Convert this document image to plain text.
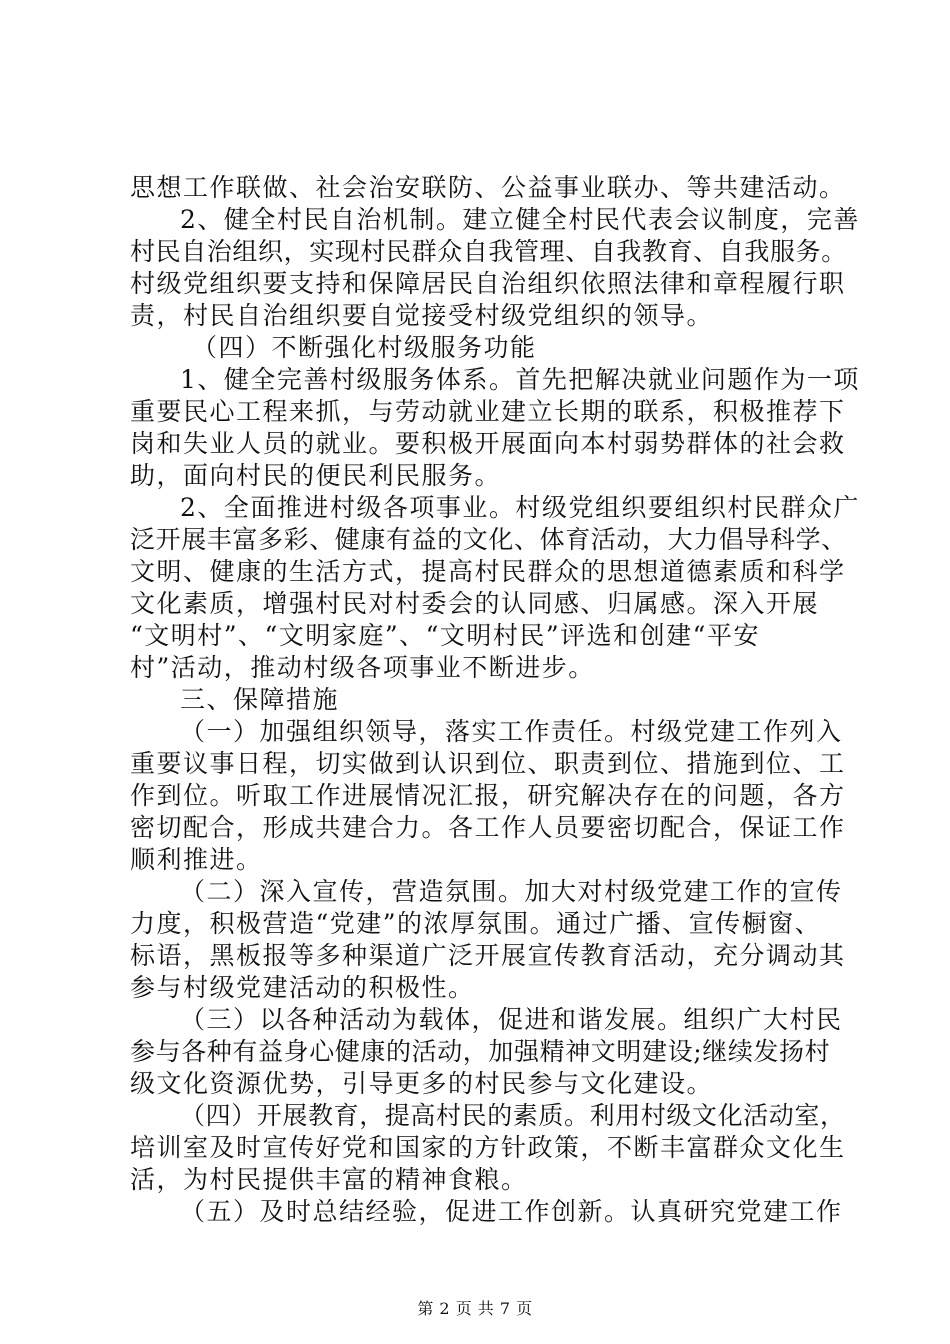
思想工作联做、社会治安联防、公益事业联办、等共建活动。
2、健全村民自治机制。建立健全村民代表会议制度，完善
村民自治组织，实现村民群众自我管理、自我教育、自我服务。
村级党组织要支持和保障居民自治组织依照法律和章程履行职
责，村民自治组织要自觉接受村级党组织的领导。
（四）不断强化村级服务功能
1、健全完善村级服务体系。首先把解决就业问题作为一项
重要民心工程来抓，与劳动就业建立长期的联系，积极推荐下
岗和失业人员的就业。要积极开展面向本村弱势群体的社会救
助，面向村民的便民利民服务。
2、全面推进村级各项事业。村级党组织要组织村民群众广
泛开展丰富多彩、健康有益的文化、体育活动，大力倡导科学、
文明、健康的生活方式，提高村民群众的思想道德素质和科学
文化素质，增强村民对村委会的认同感、归属感。深入开展
“文明村”、“文明家庭”、“文明村民”评选和创建“平安
村”活动，推动村级各项事业不断进步。
三、保障措施
（一）加强组织领导，落实工作责任。村级党建工作列入
重要议事日程，切实做到认识到位、职责到位、措施到位、工
作到位。听取工作进展情况汇报，研究解决存在的问题，各方
密切配合，形成共建合力。各工作人员要密切配合，保证工作
顺利推进。
（二）深入宣传，营造氛围。加大对村级党建工作的宣传
力度，积极营造“党建”的浓厚氛围。通过广播、宣传橱窗、
标语，黑板报等多种渠道广泛开展宣传教育活动，充分调动其
参与村级党建活动的积极性。
（三）以各种活动为载体，促进和谐发展。组织广大村民
参与各种有益身心健康的活动，加强精神文明建设;继续发扬村
级文化资源优势，引导更多的村民参与文化建设。
（四）开展教育，提高村民的素质。利用村级文化活动室，
培训室及时宣传好党和国家的方针政策，不断丰富群众文化生
活，为村民提供丰富的精神食粮。
（五）及时总结经验，促进工作创新。认真研究党建工作
第 2 页 共 7 页
